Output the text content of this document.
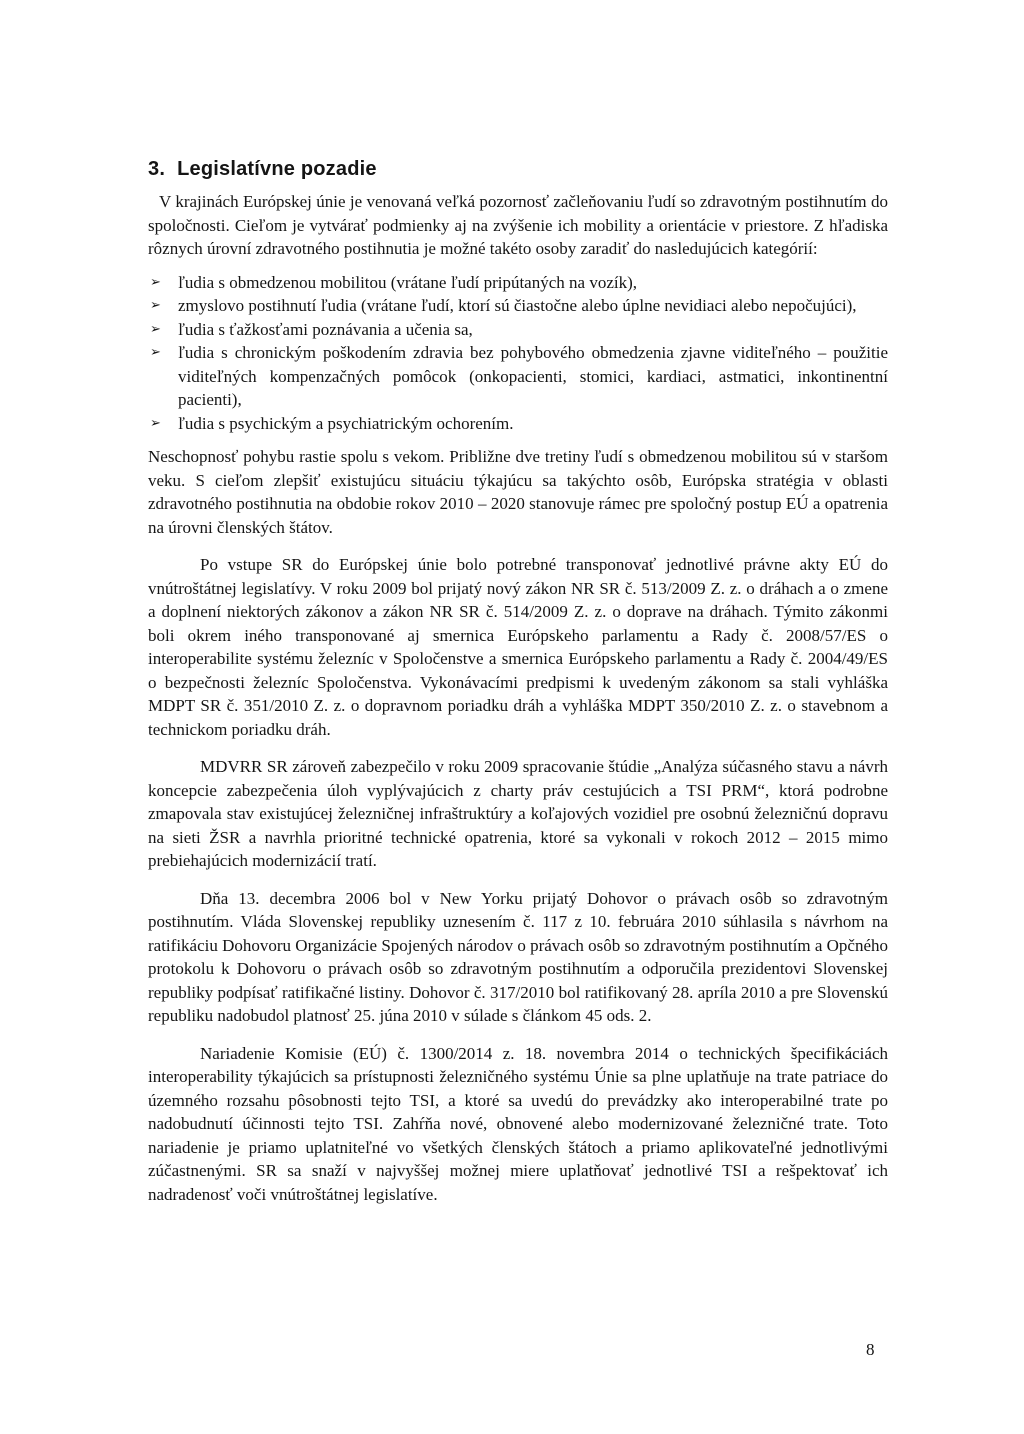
3. Legislatívne pozadie

V krajinách Európskej únie je venovaná veľká pozornosť začleňovaniu ľudí so zdravotným postihnutím do spoločnosti. Cieľom je vytvárať podmienky aj na zvýšenie ich mobility a orientácie v priestore. Z hľadiska rôznych úrovní zdravotného postihnutia je možné takéto osoby zaradiť do nasledujúcich kategórií:

➢ ľudia s obmedzenou mobilitou (vrátane ľudí pripútaných na vozík),
➢ zmyslovo postihnutí ľudia (vrátane ľudí, ktorí sú čiastočne alebo úplne nevidiaci alebo nepočujúci),
➢ ľudia s ťažkosťami poznávania a učenia sa,
➢ ľudia s chronickým poškodením zdravia bez pohybového obmedzenia zjavne viditeľného – použitie viditeľných kompenzačných pomôcok (onkopacienti, stomici, kardiaci, astmatici, inkontinentní pacienti),
➢ ľudia s psychickým a psychiatrickým ochorením.

Neschopnosť pohybu rastie spolu s vekom. Približne dve tretiny ľudí s obmedzenou mobilitou sú v staršom veku. S cieľom zlepšiť existujúcu situáciu týkajúcu sa takýchto osôb, Európska stratégia v oblasti zdravotného postihnutia na obdobie rokov 2010 – 2020 stanovuje rámec pre spoločný postup EÚ a opatrenia na úrovni členských štátov.

Po vstupe SR do Európskej únie bolo potrebné transponovať jednotlivé právne akty EÚ do vnútroštátnej legislatívy. V roku 2009 bol prijatý nový zákon NR SR č. 513/2009 Z. z. o dráhach a o zmene a doplnení niektorých zákonov a zákon NR SR č. 514/2009 Z. z. o doprave na dráhach. Týmito zákonmi boli okrem iného transponované aj smernica Európskeho parlamentu a Rady č. 2008/57/ES o interoperabilite systému železníc v Spoločenstve a smernica Európskeho parlamentu a Rady č. 2004/49/ES o bezpečnosti železníc Spoločenstva. Vykonávacími predpismi k uvedeným zákonom sa stali vyhláška MDPT SR č. 351/2010 Z. z. o dopravnom poriadku dráh a vyhláška MDPT 350/2010 Z. z. o stavebnom a technickom poriadku dráh.

MDVRR SR zároveň zabezpečilo v roku 2009 spracovanie štúdie „Analýza súčasného stavu a návrh koncepcie zabezpečenia úloh vyplývajúcich z charty práv cestujúcich a TSI PRM“, ktorá podrobne zmapovala stav existujúcej železničnej infraštruktúry a koľajových vozidiel pre osobnú železničnú dopravu na sieti ŽSR a navrhla prioritné technické opatrenia, ktoré sa vykonali v rokoch 2012 – 2015 mimo prebiehajúcich modernizácií tratí.

Dňa 13. decembra 2006 bol v New Yorku prijatý Dohovor o právach osôb so zdravotným postihnutím. Vláda Slovenskej republiky uznesením č. 117 z 10. februára 2010 súhlasila s návrhom na ratifikáciu Dohovoru Organizácie Spojených národov o právach osôb so zdravotným postihnutím a Opčného protokolu k Dohovoru o právach osôb so zdravotným postihnutím a odporučila prezidentovi Slovenskej republiky podpísať ratifikačné listiny. Dohovor č. 317/2010 bol ratifikovaný 28. apríla 2010 a pre Slovenskú republiku nadobudol platnosť 25. júna 2010 v súlade s článkom 45 ods. 2.

Nariadenie Komisie (EÚ) č. 1300/2014 z. 18. novembra 2014 o technických špecifikáciách interoperability týkajúcich sa prístupnosti železničného systému Únie sa plne uplatňuje na trate patriace do územného rozsahu pôsobnosti tejto TSI, a ktoré sa uvedú do prevádzky ako interoperabilné trate po nadobudnutí účinnosti tejto TSI. Zahŕňa nové, obnovené alebo modernizované železničné trate. Toto nariadenie je priamo uplatniteľné vo všetkých členských štátoch a priamo aplikovateľné jednotlivými zúčastnenými. SR sa snaží v najvyššej možnej miere uplatňovať jednotlivé TSI a rešpektovať ich nadradenosť voči vnútroštátnej legislatíve.

8
